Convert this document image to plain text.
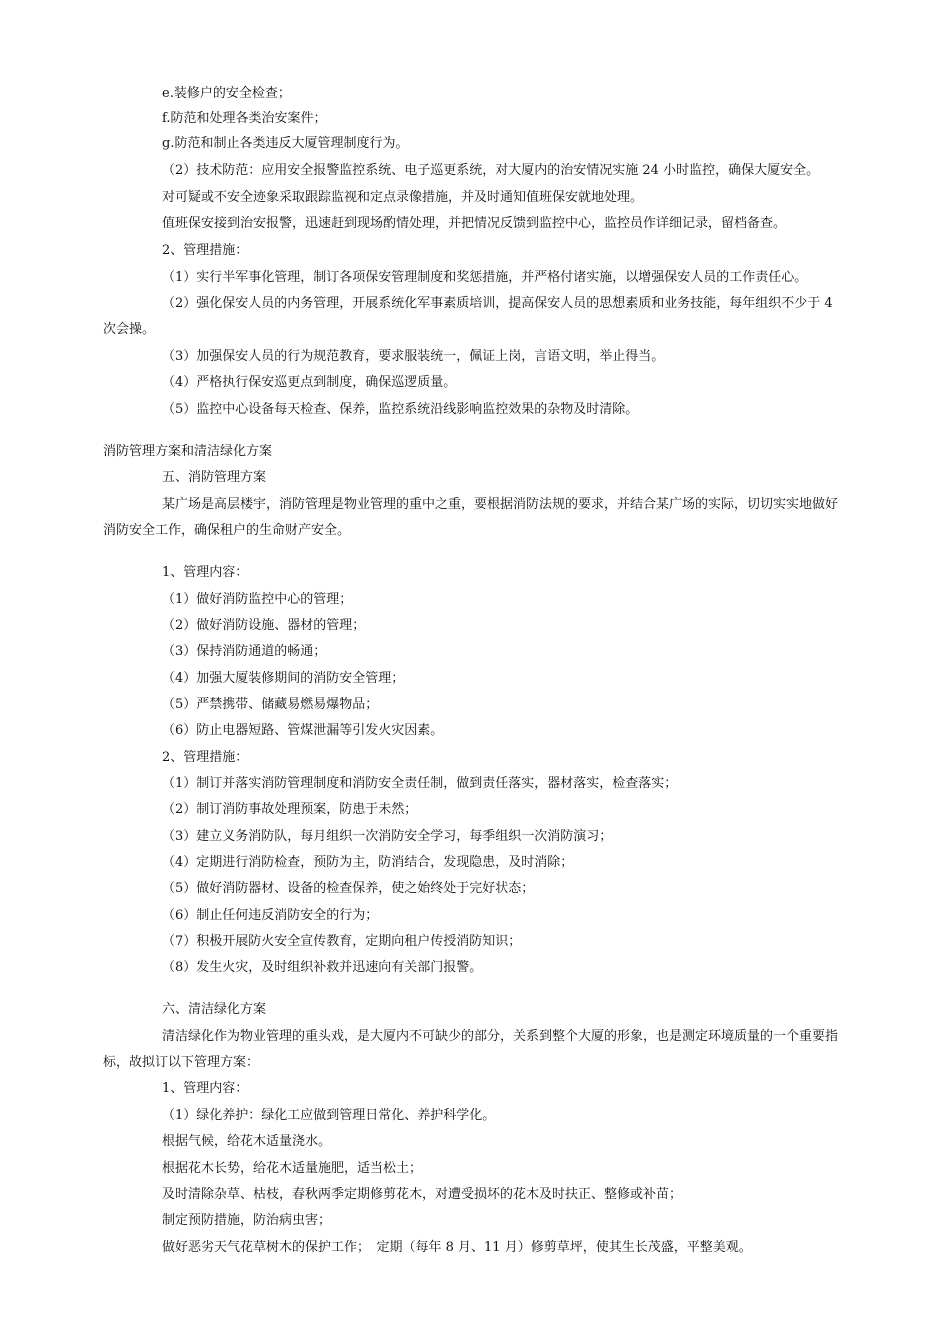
e.装修户的安全检查；
f.防范和处理各类治安案件；
g.防范和制止各类违反大厦管理制度行为。
（2）技术防范：应用安全报警监控系统、电子巡更系统，对大厦内的治安情况实施 24 小时监控，确保大厦安全。
对可疑或不安全迹象采取跟踪监视和定点录像措施，并及时通知值班保安就地处理。
值班保安接到治安报警，迅速赶到现场酌情处理，并把情况反馈到监控中心，监控员作详细记录，留档备查。
2、管理措施：
（1）实行半军事化管理，制订各项保安管理制度和奖惩措施，并严格付诸实施，以增强保安人员的工作责任心。
（2）强化保安人员的内务管理，开展系统化军事素质培训，提高保安人员的思想素质和业务技能，每年组织不少于 4
次会操。
（3）加强保安人员的行为规范教育，要求服装统一，佩证上岗，言语文明，举止得当。
（4）严格执行保安巡更点到制度，确保巡逻质量。
（5）监控中心设备每天检查、保养，监控系统沿线影响监控效果的杂物及时清除。
消防管理方案和清洁绿化方案
五、消防管理方案
某广场是高层楼宇，消防管理是物业管理的重中之重，要根据消防法规的要求，并结合某广场的实际，切切实实地做好
消防安全工作，确保租户的生命财产安全。
1、管理内容：
（1）做好消防监控中心的管理；
（2）做好消防设施、器材的管理；
（3）保持消防通道的畅通；
（4）加强大厦装修期间的消防安全管理；
（5）严禁携带、储藏易燃易爆物品；
（6）防止电器短路、管煤泄漏等引发火灾因素。
2、管理措施：
（1）制订并落实消防管理制度和消防安全责任制，做到责任落实，器材落实，检查落实；
（2）制订消防事故处理预案，防患于未然；
（3）建立义务消防队，每月组织一次消防安全学习，每季组织一次消防演习；
（4）定期进行消防检查，预防为主，防消结合，发现隐患，及时消除；
（5）做好消防器材、设备的检查保养，使之始终处于完好状态；
（6）制止任何违反消防安全的行为；
（7）积极开展防火安全宣传教育，定期向租户传授消防知识；
（8）发生火灾，及时组织补救并迅速向有关部门报警。
六、清洁绿化方案
清洁绿化作为物业管理的重头戏，是大厦内不可缺少的部分，关系到整个大厦的形象，也是测定环境质量的一个重要指
标，故拟订以下管理方案：
1、管理内容：
（1）绿化养护：绿化工应做到管理日常化、养护科学化。
根据气候，给花木适量浇水。
根据花木长势，给花木适量施肥，适当松土；
及时清除杂草、枯枝，春秋两季定期修剪花木，对遭受损坏的花木及时扶正、整修或补苗；
制定预防措施，防治病虫害；
做好恶劣天气花草树木的保护工作；　定期（每年 8 月、11 月）修剪草坪，使其生长茂盛，平整美观。
